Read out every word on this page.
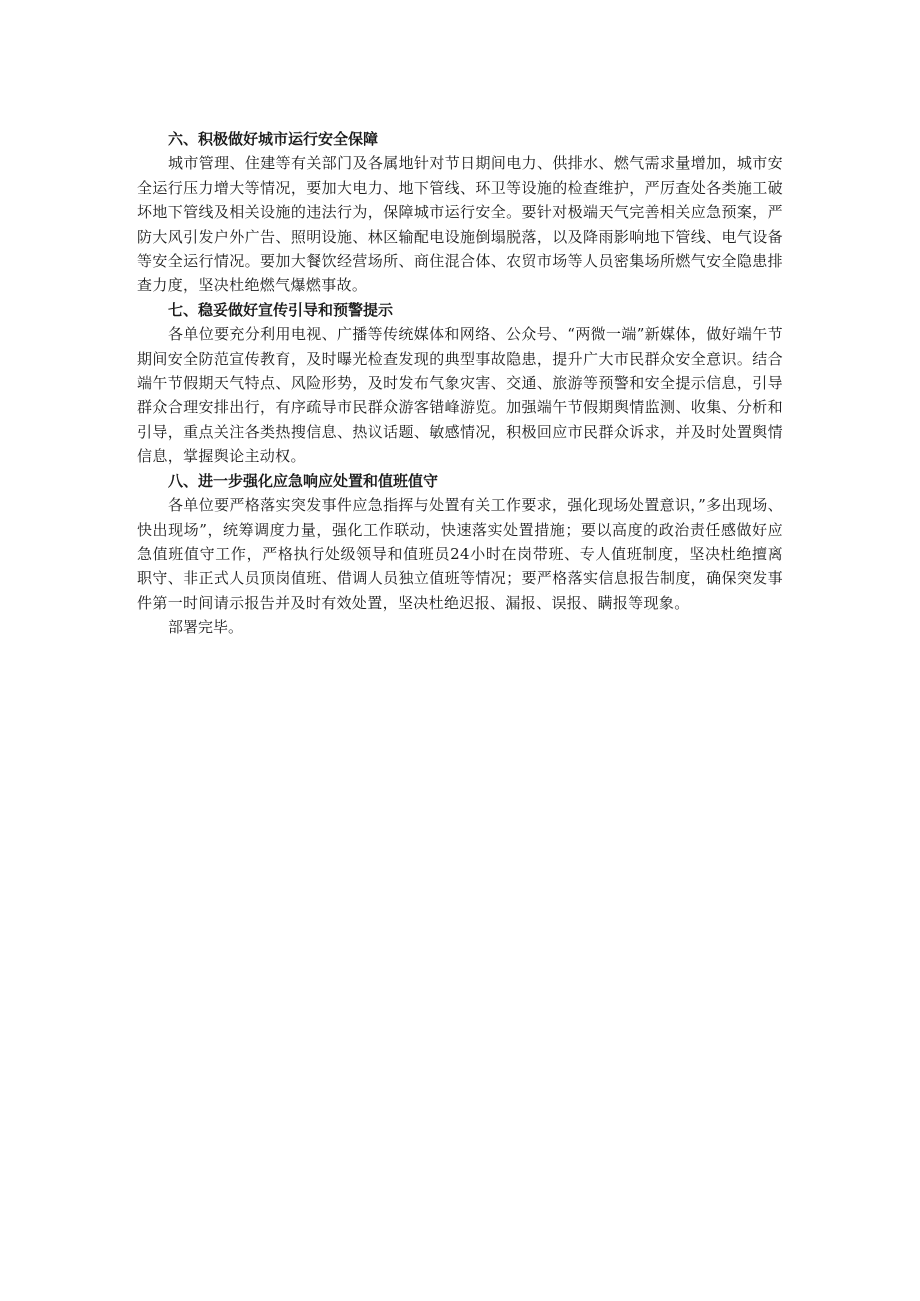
六、积极做好城市运行安全保障

城市管理、住建等有关部门及各属地针对节日期间电力、供排水、燃气需求量增加，城市安全运行压力增大等情况，要加大电力、地下管线、环卫等设施的检查维护，严厉查处各类施工破坏地下管线及相关设施的违法行为，保障城市运行安全。要针对极端天气完善相关应急预案，严防大风引发户外广告、照明设施、林区输配电设施倒塌脱落，以及降雨影响地下管线、电气设备等安全运行情况。要加大餐饮经营场所、商住混合体、农贸市场等人员密集场所燃气安全隐患排查力度，坚决杜绝燃气爆燃事故。

七、稳妥做好宣传引导和预警提示

各单位要充分利用电视、广播等传统媒体和网络、公众号、“两微一端”新媒体，做好端午节期间安全防范宣传教育，及时曝光检查发现的典型事故隐患，提升广大市民群众安全意识。结合端午节假期天气特点、风险形势，及时发布气象灾害、交通、旅游等预警和安全提示信息，引导群众合理安排出行，有序疏导市民群众游客错峰游览。加强端午节假期舆情监测、收集、分析和引导，重点关注各类热搜信息、热议话题、敏感情况，积极回应市民群众诉求，并及时处置舆情信息，掌握舆论主动权。

八、进一步强化应急响应处置和值班值守

各单位要严格落实突发事件应急指挥与处置有关工作要求，强化现场处置意识，”多出现场、快出现场”，统筹调度力量，强化工作联动，快速落实处置措施；要以高度的政治责任感做好应急值班值守工作，严格执行处级领导和值班员24小时在岗带班、专人值班制度，坚决杜绝擅离职守、非正式人员顶岗值班、借调人员独立值班等情况；要严格落实信息报告制度，确保突发事件第一时间请示报告并及时有效处置，坚决杜绝迟报、漏报、误报、瞒报等现象。

部署完毕。
